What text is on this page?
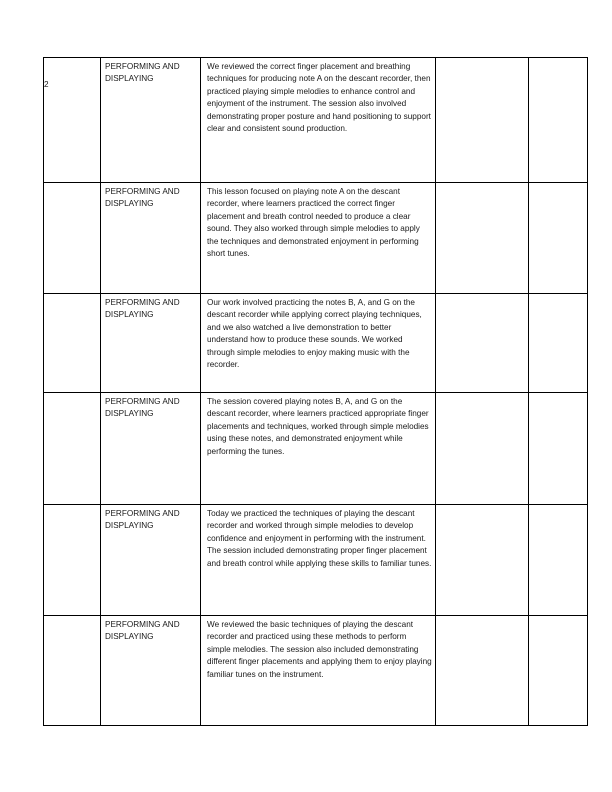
2	PERFORMING AND DISPLAYING	We reviewed the correct finger placement and breathing techniques for producing note A on the descant recorder, then practiced playing simple melodies to enhance control and enjoyment of the instrument. The session also involved demonstrating proper posture and hand positioning to support clear and consistent sound production.		

	PERFORMING AND DISPLAYING	This lesson focused on playing note A on the descant recorder, where learners practiced the correct finger placement and breath control needed to produce a clear sound. They also worked through simple melodies to apply the techniques and demonstrated enjoyment in performing short tunes.		

	PERFORMING AND DISPLAYING	Our work involved practicing the notes B, A, and G on the descant recorder while applying correct playing techniques, and we also watched a live demonstration to better understand how to produce these sounds. We worked through simple melodies to enjoy making music with the recorder.		

	PERFORMING AND DISPLAYING	The session covered playing notes B, A, and G on the descant recorder, where learners practiced appropriate finger placements and techniques, worked through simple melodies using these notes, and demonstrated enjoyment while performing the tunes.		

	PERFORMING AND DISPLAYING	Today we practiced the techniques of playing the descant recorder and worked through simple melodies to develop confidence and enjoyment in performing with the instrument. The session included demonstrating proper finger placement and breath control while applying these skills to familiar tunes.		

	PERFORMING AND DISPLAYING	We reviewed the basic techniques of playing the descant recorder and practiced using these methods to perform simple melodies. The session also included demonstrating different finger placements and applying them to enjoy playing familiar tunes on the instrument.		
